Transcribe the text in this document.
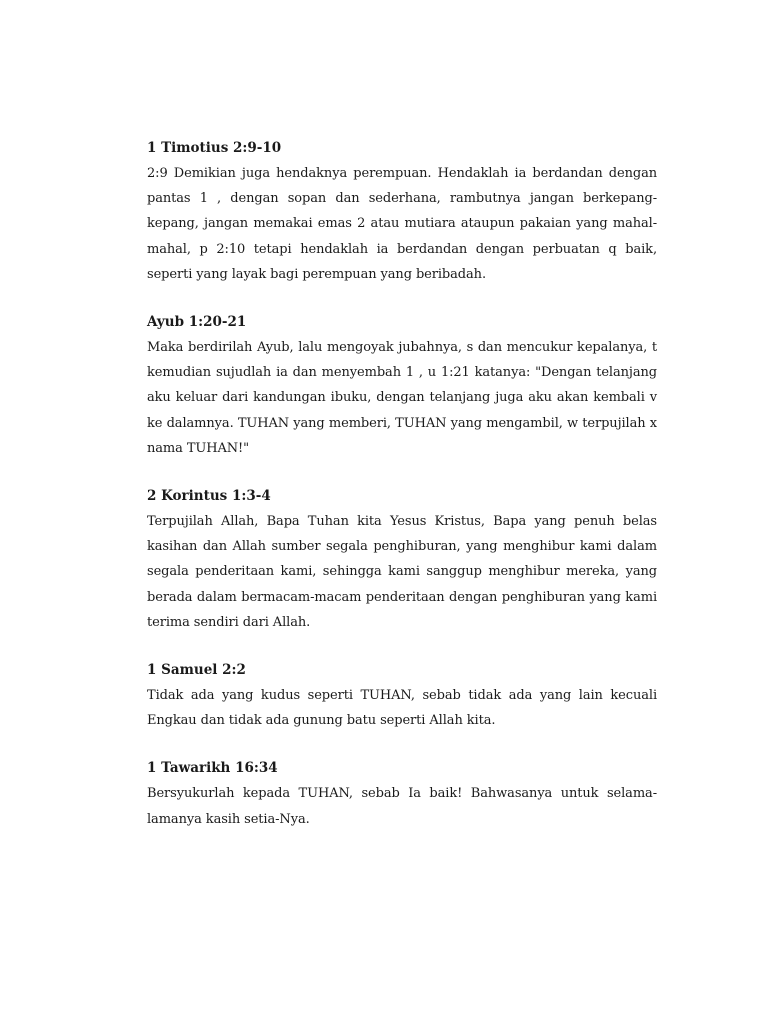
1 Timotius 2:9-10

2:9 Demikian juga hendaknya perempuan. Hendaklah ia berdandan dengan pantas 1 , dengan sopan dan sederhana, rambutnya jangan berkepang-kepang, jangan memakai emas 2 atau mutiara ataupun pakaian yang mahal-mahal, p 2:10 tetapi hendaklah ia berdandan dengan perbuatan q baik, seperti yang layak bagi perempuan yang beribadah.

Ayub 1:20-21

Maka berdirilah Ayub, lalu mengoyak jubahnya, s dan mencukur kepalanya, t kemudian sujudlah ia dan menyembah 1 , u 1:21 katanya: "Dengan telanjang aku keluar dari kandungan ibuku, dengan telanjang juga aku akan kembali v ke dalamnya. TUHAN yang memberi, TUHAN yang mengambil, w terpujilah x nama TUHAN!"

2 Korintus 1:3-4

Terpujilah Allah, Bapa Tuhan kita Yesus Kristus, Bapa yang penuh belas kasihan dan Allah sumber segala penghiburan, yang menghibur kami dalam segala penderitaan kami, sehingga kami sanggup menghibur mereka, yang berada dalam bermacam-macam penderitaan dengan penghiburan yang kami terima sendiri dari Allah.

1 Samuel 2:2

Tidak ada yang kudus seperti TUHAN, sebab tidak ada yang lain kecuali Engkau dan tidak ada gunung batu seperti Allah kita.

1 Tawarikh 16:34

Bersyukurlah kepada TUHAN, sebab Ia baik! Bahwasanya untuk selama-lamanya kasih setia-Nya.
